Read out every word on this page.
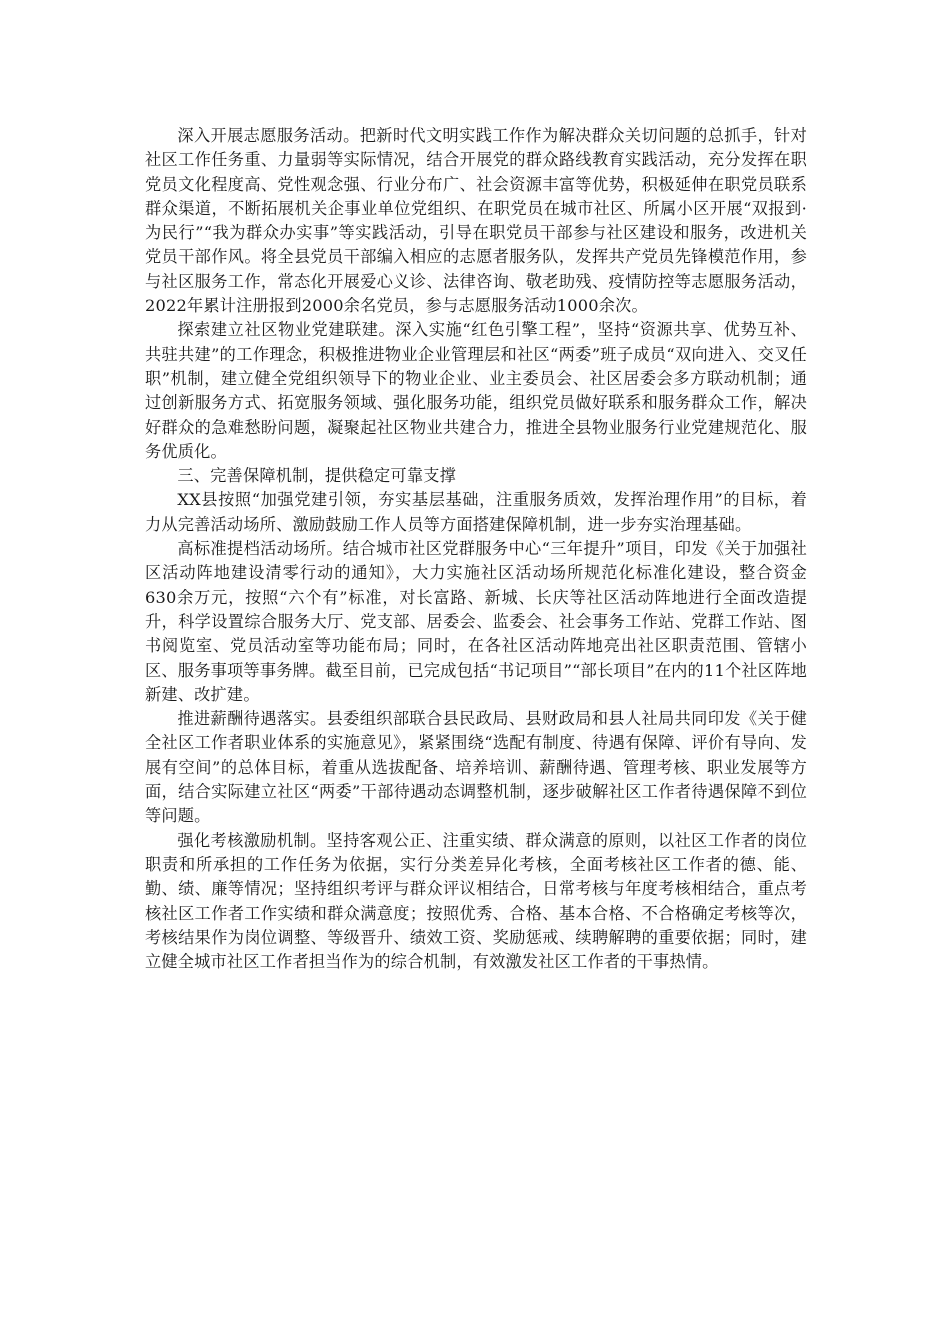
深入开展志愿服务活动。把新时代文明实践工作作为解决群众关切问题的总抓手，针对社区工作任务重、力量弱等实际情况，结合开展党的群众路线教育实践活动，充分发挥在职党员文化程度高、党性观念强、行业分布广、社会资源丰富等优势，积极延伸在职党员联系群众渠道，不断拓展机关企事业单位党组织、在职党员在城市社区、所属小区开展“双报到·为民行”“我为群众办实事”等实践活动，引导在职党员干部参与社区建设和服务，改进机关党员干部作风。将全县党员干部编入相应的志愿者服务队，发挥共产党员先锋模范作用，参与社区服务工作，常态化开展爱心义诊、法律咨询、敬老助残、疫情防控等志愿服务活动，2022年累计注册报到2000余名党员，参与志愿服务活动1000余次。

探索建立社区物业党建联建。深入实施“红色引擎工程”，坚持“资源共享、优势互补、共驻共建”的工作理念，积极推进物业企业管理层和社区“两委”班子成员“双向进入、交叉任职”机制，建立健全党组织领导下的物业企业、业主委员会、社区居委会多方联动机制；通过创新服务方式、拓宽服务领域、强化服务功能，组织党员做好联系和服务群众工作，解决好群众的急难愁盼问题，凝聚起社区物业共建合力，推进全县物业服务行业党建规范化、服务优质化。

三、完善保障机制，提供稳定可靠支撑

XX县按照“加强党建引领，夯实基层基础，注重服务质效，发挥治理作用”的目标，着力从完善活动场所、激励鼓励工作人员等方面搭建保障机制，进一步夯实治理基础。

高标准提档活动场所。结合城市社区党群服务中心“三年提升”项目，印发《关于加强社区活动阵地建设清零行动的通知》，大力实施社区活动场所规范化标准化建设，整合资金630余万元，按照“六个有”标准，对长富路、新城、长庆等社区活动阵地进行全面改造提升，科学设置综合服务大厅、党支部、居委会、监委会、社会事务工作站、党群工作站、图书阅览室、党员活动室等功能布局；同时，在各社区活动阵地亮出社区职责范围、管辖小区、服务事项等事务牌。截至目前，已完成包括“书记项目”“部长项目”在内的11个社区阵地新建、改扩建。

推进薪酬待遇落实。县委组织部联合县民政局、县财政局和县人社局共同印发《关于健全社区工作者职业体系的实施意见》，紧紧围绕“选配有制度、待遇有保障、评价有导向、发展有空间”的总体目标，着重从选拔配备、培养培训、薪酬待遇、管理考核、职业发展等方面，结合实际建立社区“两委”干部待遇动态调整机制，逐步破解社区工作者待遇保障不到位等问题。

强化考核激励机制。坚持客观公正、注重实绩、群众满意的原则，以社区工作者的岗位职责和所承担的工作任务为依据，实行分类差异化考核，全面考核社区工作者的德、能、勤、绩、廉等情况；坚持组织考评与群众评议相结合，日常考核与年度考核相结合，重点考核社区工作者工作实绩和群众满意度；按照优秀、合格、基本合格、不合格确定考核等次，考核结果作为岗位调整、等级晋升、绩效工资、奖励惩戒、续聘解聘的重要依据；同时，建立健全城市社区工作者担当作为的综合机制，有效激发社区工作者的干事热情。
